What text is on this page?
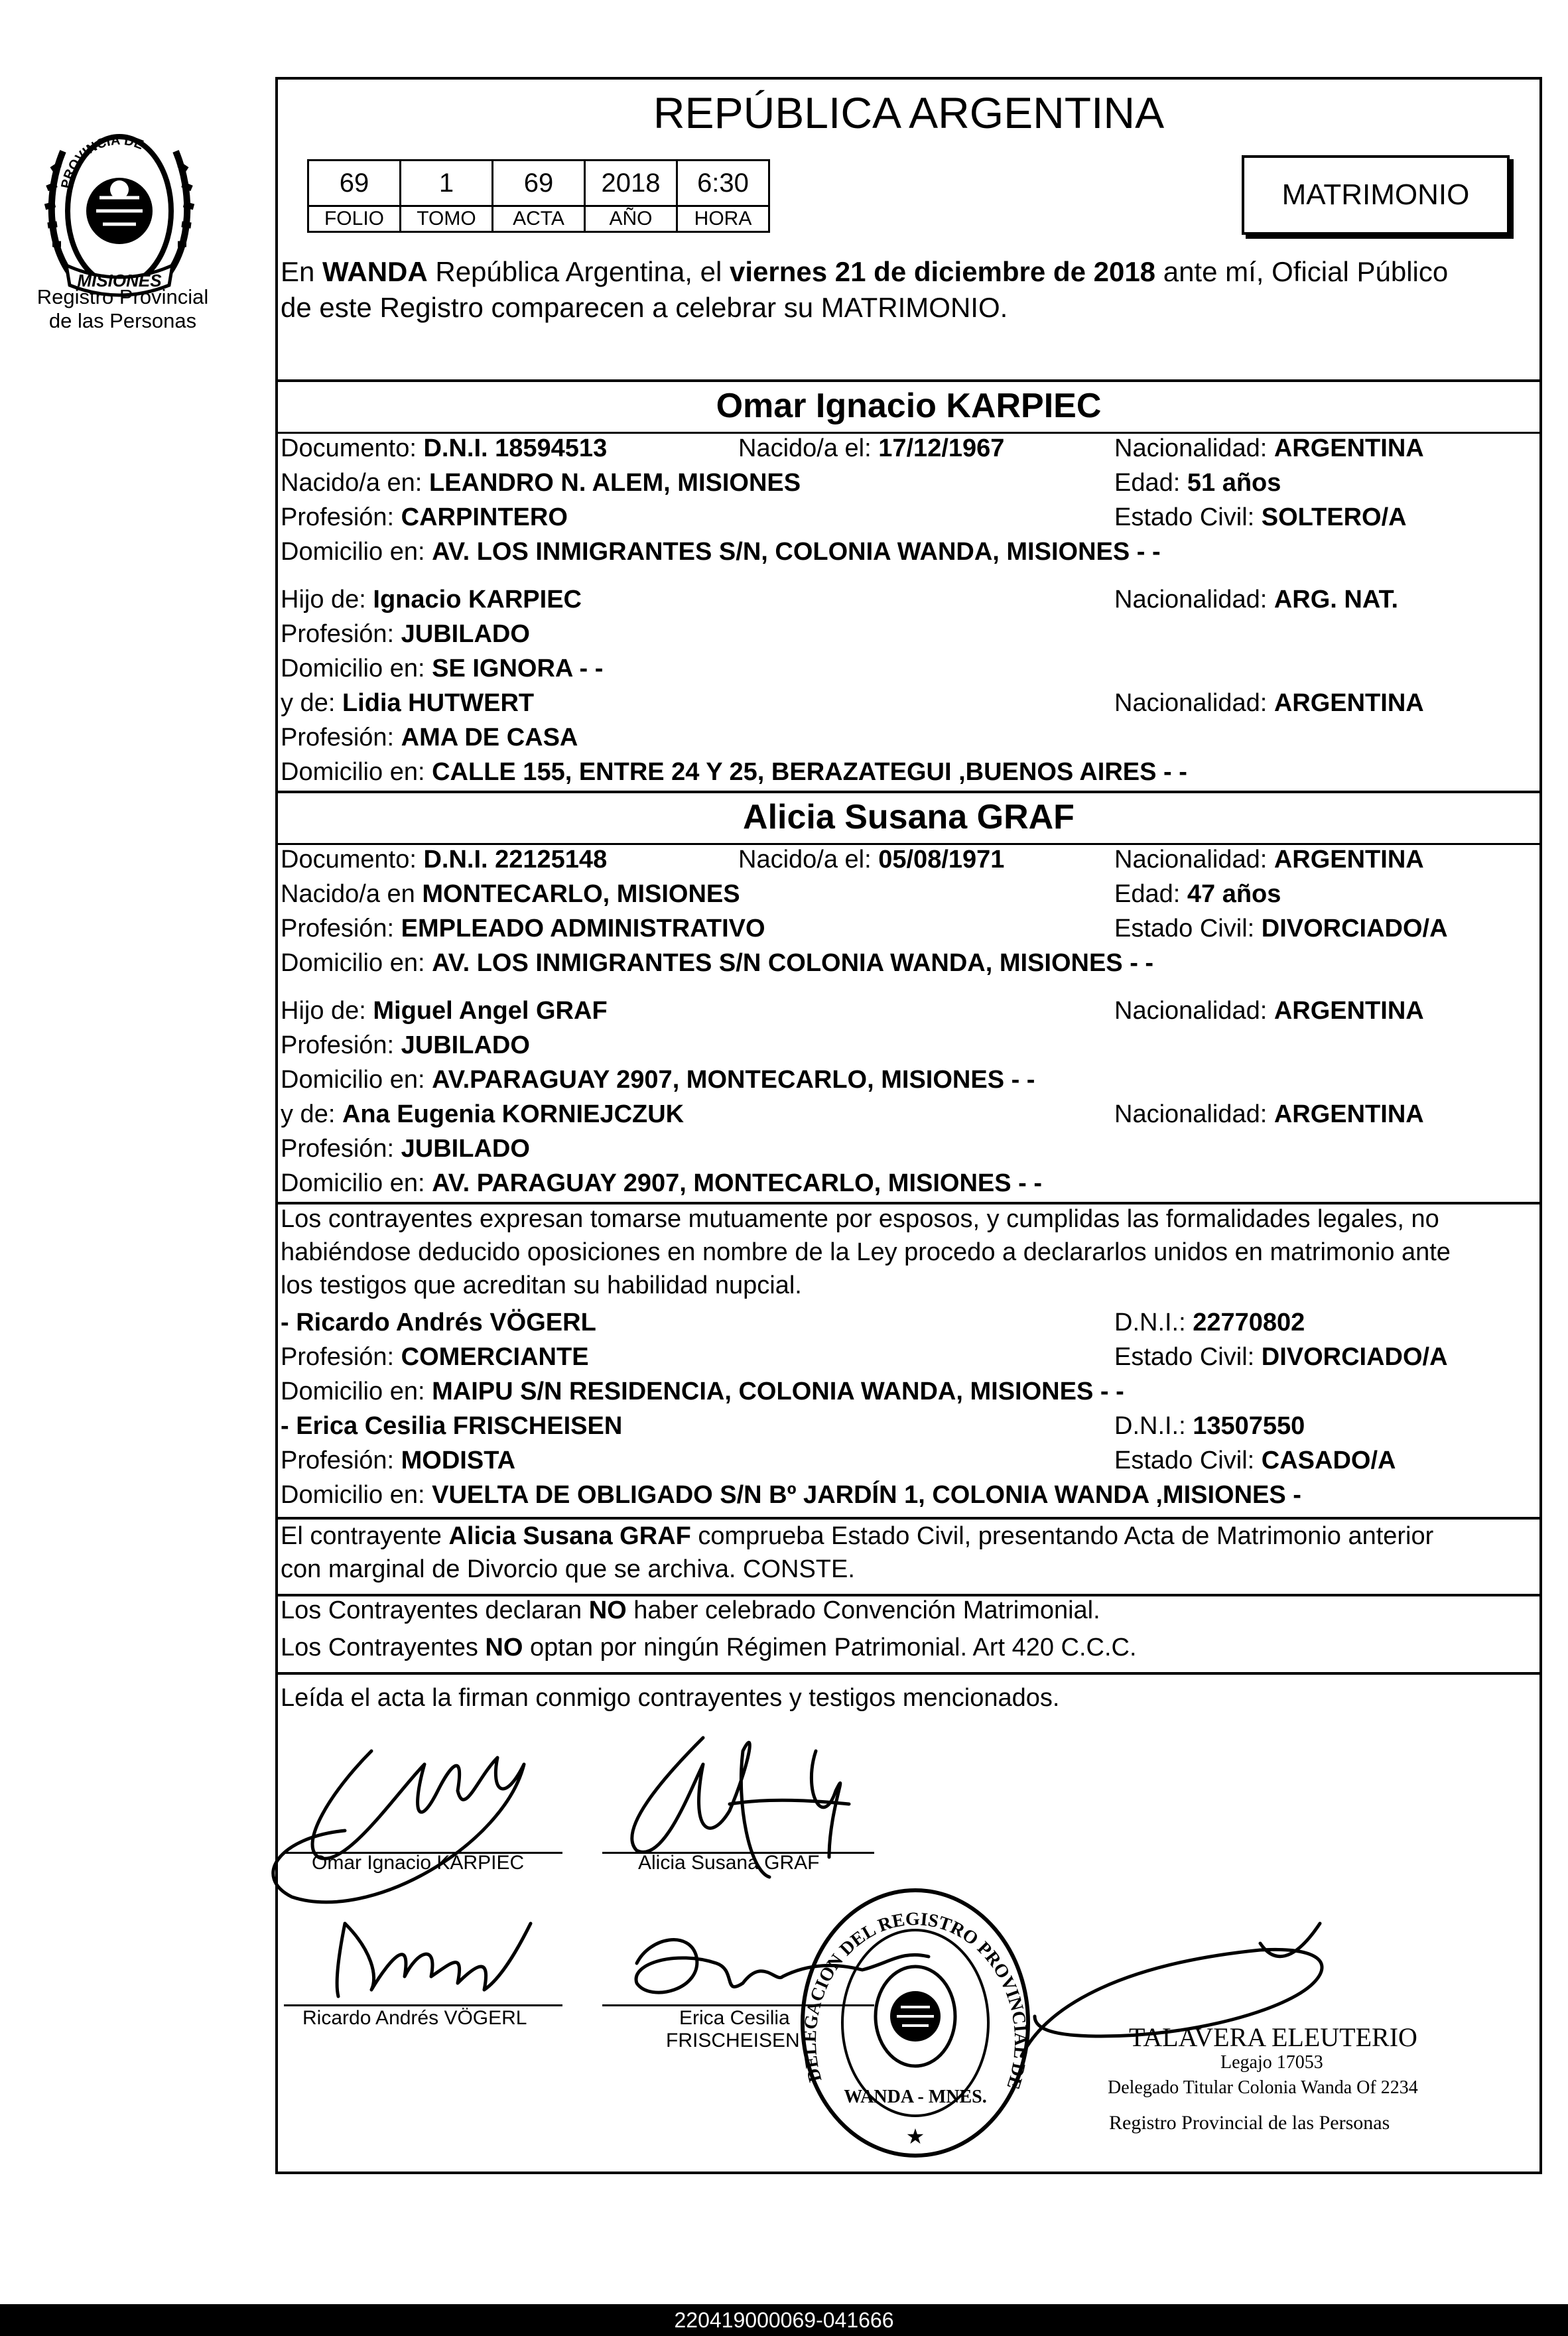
PROVINCIA DE
MISIONES
Registro Provincial
de las Personas
REPÚBLICA ARGENTINA
69	1	69	2018	6:30
FOLIO	TOMO	ACTA	AÑO	HORA
MATRIMONIO
En WANDA República Argentina, el viernes 21 de diciembre de 2018 ante mí, Oficial Público
de este Registro comparecen a celebrar su MATRIMONIO.
Omar Ignacio KARPIEC
Documento: D.N.I. 18594513	Nacido/a el: 17/12/1967	Nacionalidad: ARGENTINA
Nacido/a en: LEANDRO N. ALEM, MISIONES	Edad: 51 años
Profesión: CARPINTERO	Estado Civil: SOLTERO/A
Domicilio en: AV. LOS INMIGRANTES S/N, COLONIA WANDA, MISIONES - -
Hijo de: Ignacio KARPIEC	Nacionalidad: ARG. NAT.
Profesión: JUBILADO
Domicilio en: SE IGNORA - -
y de: Lidia HUTWERT	Nacionalidad: ARGENTINA
Profesión: AMA DE CASA
Domicilio en: CALLE 155, ENTRE 24 Y 25, BERAZATEGUI ,BUENOS AIRES - -
Alicia Susana GRAF
Documento: D.N.I. 22125148	Nacido/a el: 05/08/1971	Nacionalidad: ARGENTINA
Nacido/a en MONTECARLO, MISIONES	Edad: 47 años
Profesión: EMPLEADO ADMINISTRATIVO	Estado Civil: DIVORCIADO/A
Domicilio en: AV. LOS INMIGRANTES S/N COLONIA WANDA, MISIONES - -
Hijo de: Miguel Angel GRAF	Nacionalidad: ARGENTINA
Profesión: JUBILADO
Domicilio en: AV.PARAGUAY 2907, MONTECARLO, MISIONES - -
y de: Ana Eugenia KORNIEJCZUK	Nacionalidad: ARGENTINA
Profesión: JUBILADO
Domicilio en: AV. PARAGUAY 2907, MONTECARLO, MISIONES - -
Los contrayentes expresan tomarse mutuamente por esposos, y cumplidas las formalidades legales, no
habiéndose deducido oposiciones en nombre de la Ley procedo a declararlos unidos en matrimonio ante
los testigos que acreditan su habilidad nupcial.
- Ricardo Andrés VÖGERL	D.N.I.: 22770802
Profesión: COMERCIANTE	Estado Civil: DIVORCIADO/A
Domicilio en: MAIPU S/N RESIDENCIA, COLONIA WANDA, MISIONES - -
- Erica Cesilia FRISCHEISEN	D.N.I.: 13507550
Profesión: MODISTA	Estado Civil: CASADO/A
Domicilio en: VUELTA DE OBLIGADO S/N Bº JARDÍN 1, COLONIA WANDA ,MISIONES -
El contrayente Alicia Susana GRAF comprueba Estado Civil, presentando Acta de Matrimonio anterior
con marginal de Divorcio que se archiva. CONSTE.
Los Contrayentes declaran NO haber celebrado Convención Matrimonial.
Los Contrayentes NO optan por ningún Régimen Patrimonial. Art 420 C.C.C.
Leída el acta la firman conmigo contrayentes y testigos mencionados.
Omar Ignacio KARPIEC	Alicia Susana GRAF
Ricardo Andrés VÖGERL	Erica Cesilia
FRISCHEISEN
DELEGACION DEL REGISTRO PROVINCIAL DE
WANDA - MNES.
★
TALAVERA ELEUTERIO
Legajo 17053
Delegado Titular Colonia Wanda Of 2234
Registro Provincial de las Personas
220419000069-041666
